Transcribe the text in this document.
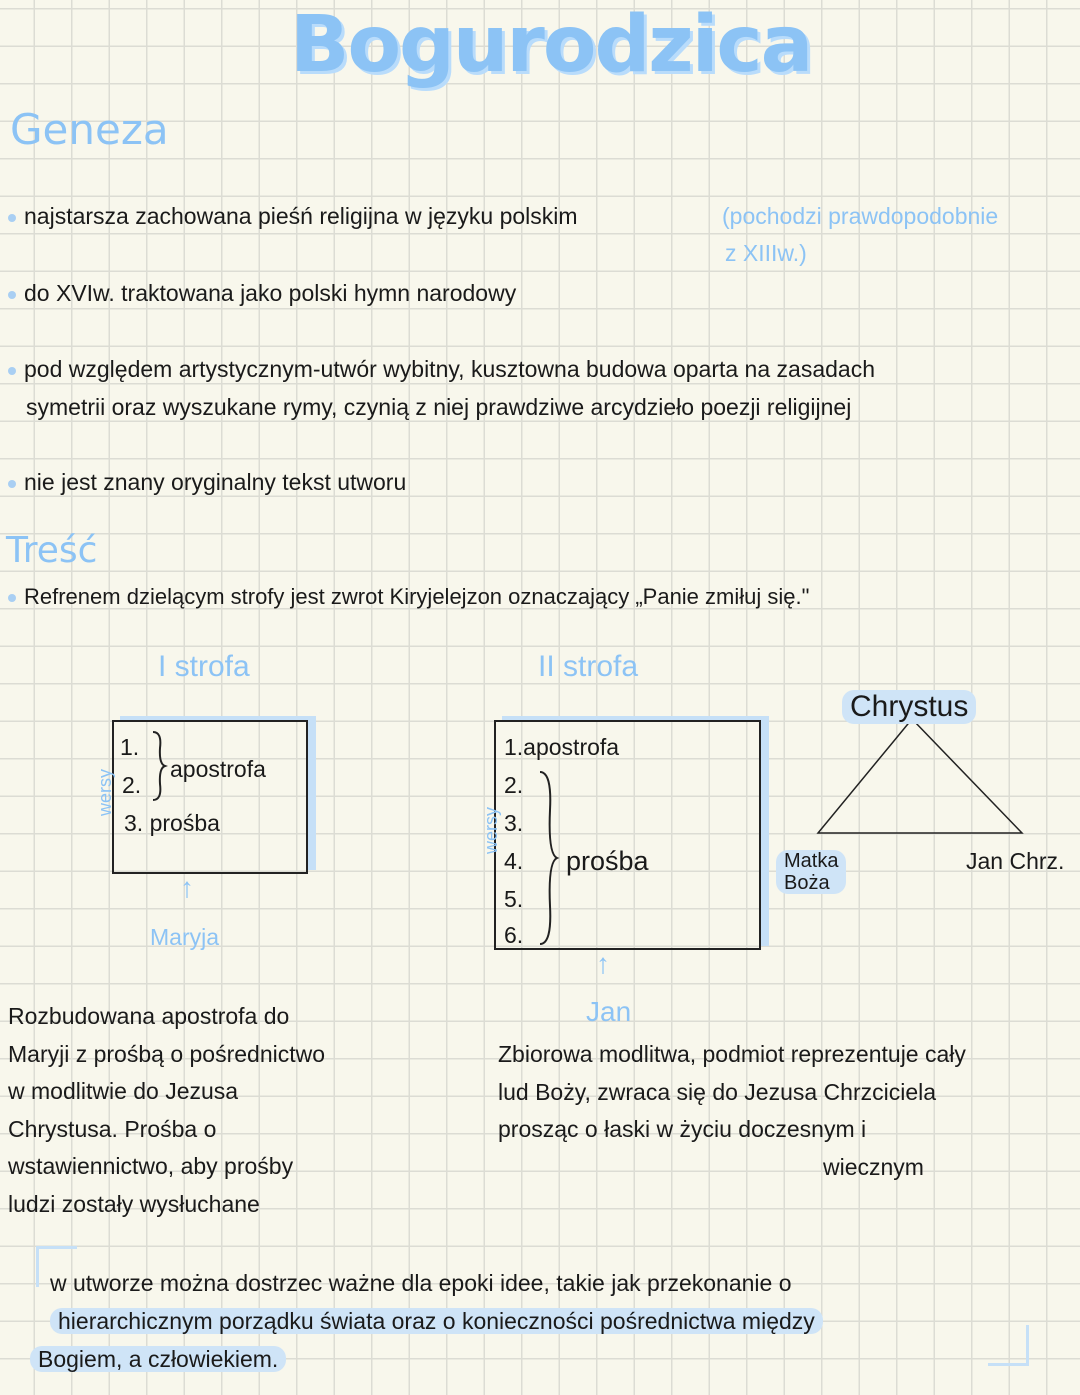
Bogurodzica
Geneza
najstarsza zachowana pieśń religijna w języku polskim	(pochodzi prawdopodobnie
z XIIIw.)
do XVIw. traktowana jako polski hymn narodowy
pod względem artystycznym-utwór wybitny, kusztowna budowa oparta na zasadach
symetrii oraz wyszukane rymy, czynią z niej prawdziwe arcydzieło poezji religijnej
nie jest znany oryginalny tekst utworu
Treść
Refrenem dzielącym strofy jest zwrot Kiryjelejzon oznaczający „Panie zmiłuj się."
I strofa
wersy
1.
2.
apostrofa
3. prośba
↑
Maryja
Rozbudowana apostrofa do
Maryji z prośbą o pośrednictwo
w modlitwie do Jezusa
Chrystusa. Prośba o
wstawiennictwo, aby prośby
ludzi zostały wysłuchane
II strofa
wersy
1.apostrofa
2.
3.
4.
5.
6.
prośba
↑
Jan
Zbiorowa modlitwa, podmiot reprezentuje cały
lud Boży, zwraca się do Jezusa Chrzciciela
prosząc o łaski w życiu doczesnym i
wiecznym
Chrystus
Matka
Boża
Jan Chrz.
w utworze można dostrzec ważne dla epoki idee, takie jak przekonanie o
hierarchicznym porządku świata oraz o konieczności pośrednictwa między
Bogiem, a człowiekiem.
